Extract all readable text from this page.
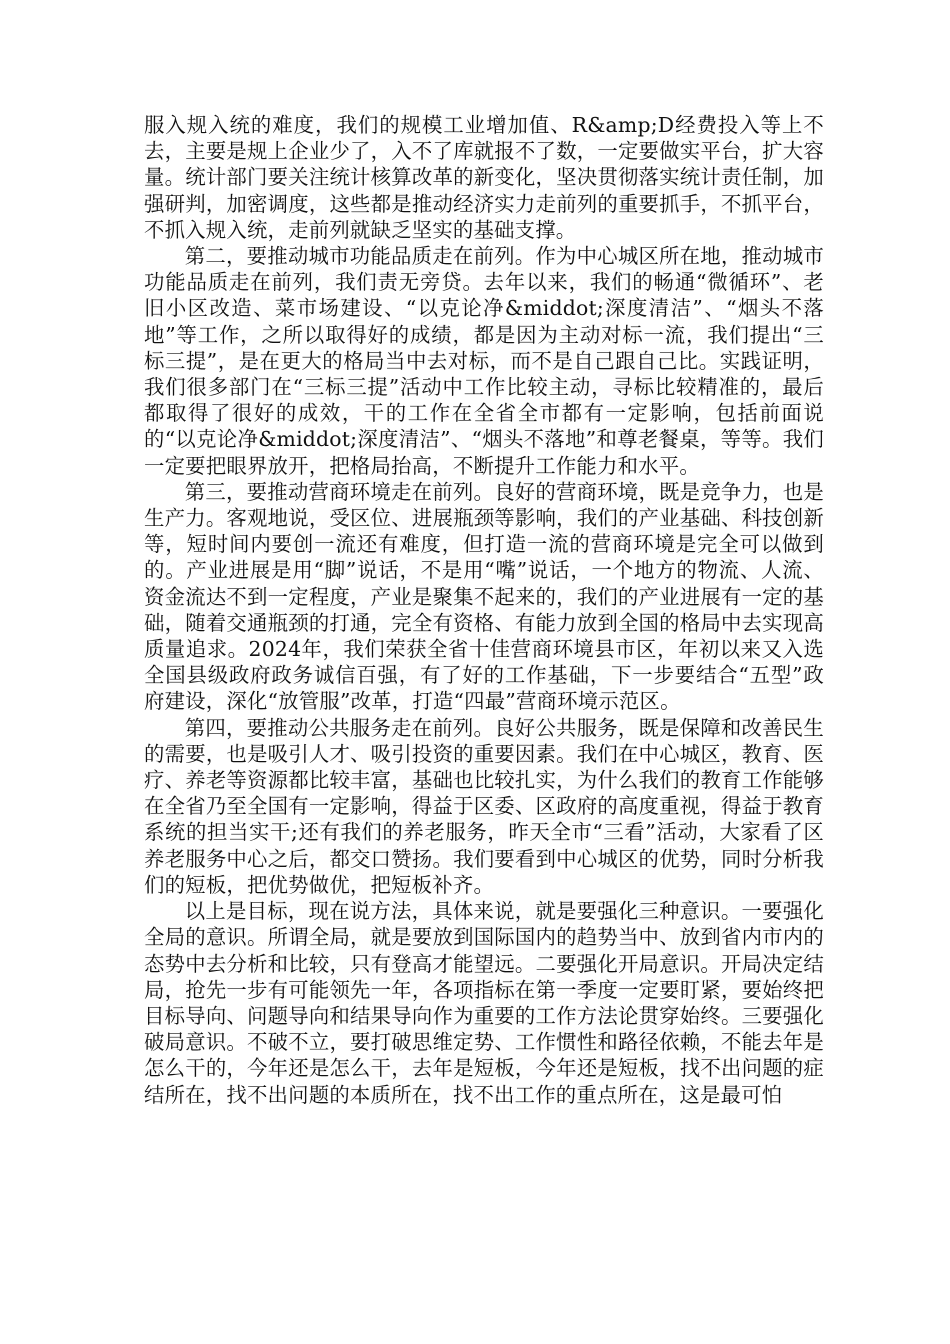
服入规入统的难度，我们的规模工业增加值、R&amp;D经费投入等上不去，主要是规上企业少了，入不了库就报不了数，一定要做实平台，扩大容量。统计部门要关注统计核算改革的新变化，坚决贯彻落实统计责任制，加强研判，加密调度，这些都是推动经济实力走前列的重要抓手，不抓平台，不抓入规入统，走前列就缺乏坚实的基础支撑。

第二，要推动城市功能品质走在前列。作为中心城区所在地，推动城市功能品质走在前列，我们责无旁贷。去年以来，我们的畅通“微循环”、老旧小区改造、菜市场建设、“以克论净&middot;深度清洁”、“烟头不落地”等工作，之所以取得好的成绩，都是因为主动对标一流，我们提出“三标三提”，是在更大的格局当中去对标，而不是自己跟自己比。实践证明，我们很多部门在“三标三提”活动中工作比较主动，寻标比较精准的，最后都取得了很好的成效，干的工作在全省全市都有一定影响，包括前面说的“以克论净&middot;深度清洁”、“烟头不落地”和尊老餐桌，等等。我们一定要把眼界放开，把格局抬高，不断提升工作能力和水平。

第三，要推动营商环境走在前列。良好的营商环境，既是竞争力，也是生产力。客观地说，受区位、进展瓶颈等影响，我们的产业基础、科技创新等，短时间内要创一流还有难度，但打造一流的营商环境是完全可以做到的。产业进展是用“脚”说话，不是用“嘴”说话，一个地方的物流、人流、资金流达不到一定程度，产业是聚集不起来的，我们的产业进展有一定的基础，随着交通瓶颈的打通，完全有资格、有能力放到全国的格局中去实现高质量追求。2024年，我们荣获全省十佳营商环境县市区，年初以来又入选全国县级政府政务诚信百强，有了好的工作基础，下一步要结合“五型”政府建设，深化“放管服”改革，打造“四最”营商环境示范区。

第四，要推动公共服务走在前列。良好公共服务，既是保障和改善民生的需要，也是吸引人才、吸引投资的重要因素。我们在中心城区，教育、医疗、养老等资源都比较丰富，基础也比较扎实，为什么我们的教育工作能够在全省乃至全国有一定影响，得益于区委、区政府的高度重视，得益于教育系统的担当实干;还有我们的养老服务，昨天全市“三看”活动，大家看了区养老服务中心之后，都交口赞扬。我们要看到中心城区的优势，同时分析我们的短板，把优势做优，把短板补齐。

以上是目标，现在说方法，具体来说，就是要强化三种意识。一要强化全局的意识。所谓全局，就是要放到国际国内的趋势当中、放到省内市内的态势中去分析和比较，只有登高才能望远。二要强化开局意识。开局决定结局，抢先一步有可能领先一年，各项指标在第一季度一定要盯紧，要始终把目标导向、问题导向和结果导向作为重要的工作方法论贯穿始终。三要强化破局意识。不破不立，要打破思维定势、工作惯性和路径依赖，不能去年是怎么干的，今年还是怎么干，去年是短板，今年还是短板，找不出问题的症结所在，找不出问题的本质所在，找不出工作的重点所在，这是最可怕
